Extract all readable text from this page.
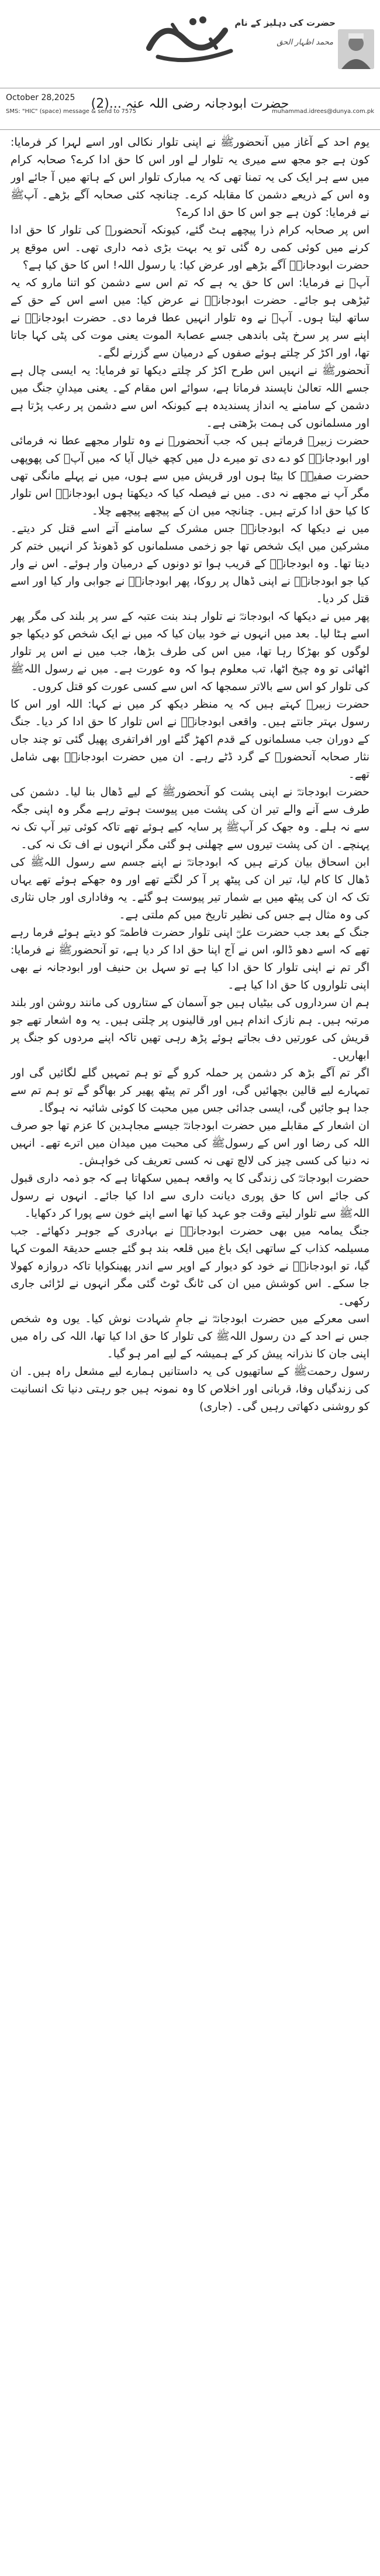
حضرت کی دہلیز کے نام
محمد اظہار الحق
October 28,2025	حضرت ابودجانہ رضی اللہ عنہ ...(2)
SMS: "HIC" (space) message & send to 7575	muhammad.idrees@dunya.com.pk

یوم احد کے آغاز میں آنحضورﷺ نے اپنی تلوار نکالی اور اسے لہرا کر فرمایا: کون ہے جو مجھ سے میری یہ تلوار لے اور اس کا حق ادا کرے؟ صحابہ کرام میں سے ہر ایک کی یہ تمنا تھی کہ یہ مبارک تلوار اس کے ہاتھ میں آ جائے اور وہ اس کے ذریعے دشمن کا مقابلہ کرے۔ چنانچہ کئی صحابہ آگے بڑھے۔ آپﷺ نے فرمایا: کون ہے جو اس کا حق ادا کرے؟

اس پر صحابہ کرام ذرا پیچھے ہٹ گئے، کیونکہ آنحضورﷺ کی تلوار کا حق ادا کرنے میں کوئی کمی رہ گئی تو یہ بہت بڑی ذمہ داری تھی۔ اس موقع پر حضرت ابودجانہؓ آگے بڑھے اور عرض کیا: یا رسول اللہ! اس کا حق کیا ہے؟

آپﷺ نے فرمایا: اس کا حق یہ ہے کہ تم اس سے دشمن کو اتنا مارو کہ یہ ٹیڑھی ہو جائے۔ حضرت ابودجانہؓ نے عرض کیا: میں اسے اس کے حق کے ساتھ لیتا ہوں۔ آپﷺ نے وہ تلوار انہیں عطا فرما دی۔ حضرت ابودجانہؓ نے اپنے سر پر سرخ پٹی باندھی جسے عصابۃ الموت یعنی موت کی پٹی کہا جاتا تھا، اور اکڑ کر چلتے ہوئے صفوں کے درمیان سے گزرنے لگے۔

آنحضورﷺ نے انہیں اس طرح اکڑ کر چلتے دیکھا تو فرمایا: یہ ایسی چال ہے جسے اللہ تعالیٰ ناپسند فرماتا ہے، سوائے اس مقام کے۔ یعنی میدانِ جنگ میں دشمن کے سامنے یہ انداز پسندیدہ ہے کیونکہ اس سے دشمن پر رعب پڑتا ہے اور مسلمانوں کی ہمت بڑھتی ہے۔

حضرت زبیرؓ فرماتے ہیں کہ جب آنحضورﷺ نے وہ تلوار مجھے عطا نہ فرمائی اور ابودجانہؓ کو دے دی تو میرے دل میں کچھ خیال آیا کہ میں آپﷺ کی پھوپھی حضرت صفیہؓ کا بیٹا ہوں اور قریش میں سے ہوں، میں نے پہلے مانگی تھی مگر آپ نے مجھے نہ دی۔ میں نے فیصلہ کیا کہ دیکھتا ہوں ابودجانہؓ اس تلوار کا کیا حق ادا کرتے ہیں۔ چنانچہ میں ان کے پیچھے پیچھے چلا۔

میں نے دیکھا کہ ابودجانہؓ جس مشرک کے سامنے آتے اسے قتل کر دیتے۔ مشرکین میں ایک شخص تھا جو زخمی مسلمانوں کو ڈھونڈ کر انہیں ختم کر دیتا تھا۔ وہ ابودجانہؓ کے قریب ہوا تو دونوں کے درمیان وار ہوئے۔ اس نے وار کیا جو ابودجانہؓ نے اپنی ڈھال پر روکا، پھر ابودجانہؓ نے جوابی وار کیا اور اسے قتل کر دیا۔

پھر میں نے دیکھا کہ ابودجانہؓ نے تلوار ہند بنت عتبہ کے سر پر بلند کی مگر پھر اسے ہٹا لیا۔ بعد میں انہوں نے خود بیان کیا کہ میں نے ایک شخص کو دیکھا جو لوگوں کو بھڑکا رہا تھا، میں اس کی طرف بڑھا، جب میں نے اس پر تلوار اٹھائی تو وہ چیخ اٹھا، تب معلوم ہوا کہ وہ عورت ہے۔ میں نے رسول اللہﷺ کی تلوار کو اس سے بالاتر سمجھا کہ اس سے کسی عورت کو قتل کروں۔

حضرت زبیرؓ کہتے ہیں کہ یہ منظر دیکھ کر میں نے کہا: اللہ اور اس کا رسول بہتر جانتے ہیں۔ واقعی ابودجانہؓ نے اس تلوار کا حق ادا کر دیا۔ جنگ کے دوران جب مسلمانوں کے قدم اکھڑ گئے اور افراتفری پھیل گئی تو چند جاں نثار صحابہ آنحضورﷺ کے گرد ڈٹے رہے۔ ان میں حضرت ابودجانہؓ بھی شامل تھے۔

حضرت ابودجانہؓ نے اپنی پشت کو آنحضورﷺ کے لیے ڈھال بنا لیا۔ دشمن کی طرف سے آنے والے تیر ان کی پشت میں پیوست ہوتے رہے مگر وہ اپنی جگہ سے نہ ہلے۔ وہ جھک کر آپﷺ پر سایہ کیے ہوئے تھے تاکہ کوئی تیر آپ تک نہ پہنچے۔ ان کی پشت تیروں سے چھلنی ہو گئی مگر انہوں نے اف تک نہ کی۔

ابن اسحاق بیان کرتے ہیں کہ ابودجانہؓ نے اپنے جسم سے رسول اللہﷺ کی ڈھال کا کام لیا، تیر ان کی پیٹھ پر آ کر لگتے تھے اور وہ جھکے ہوئے تھے یہاں تک کہ ان کی پیٹھ میں بے شمار تیر پیوست ہو گئے۔ یہ وفاداری اور جاں نثاری کی وہ مثال ہے جس کی نظیر تاریخ میں کم ملتی ہے۔

جنگ کے بعد جب حضرت علیؓ اپنی تلوار حضرت فاطمہؓ کو دیتے ہوئے فرما رہے تھے کہ اسے دھو ڈالو، اس نے آج اپنا حق ادا کر دیا ہے، تو آنحضورﷺ نے فرمایا: اگر تم نے اپنی تلوار کا حق ادا کیا ہے تو سہل بن حنیف اور ابودجانہ نے بھی اپنی تلواروں کا حق ادا کیا ہے۔

ہم ان سرداروں کی بیٹیاں ہیں جو آسمان کے ستاروں کی مانند روشن اور بلند مرتبہ ہیں۔ ہم نازک اندام ہیں اور قالینوں پر چلتی ہیں۔ یہ وہ اشعار تھے جو قریش کی عورتیں دف بجاتے ہوئے پڑھ رہی تھیں تاکہ اپنے مردوں کو جنگ پر ابھاریں۔

اگر تم آگے بڑھ کر دشمن پر حملہ کرو گے تو ہم تمہیں گلے لگائیں گی اور تمہارے لیے قالین بچھائیں گی، اور اگر تم پیٹھ پھیر کر بھاگو گے تو ہم تم سے جدا ہو جائیں گی، ایسی جدائی جس میں محبت کا کوئی شائبہ نہ ہوگا۔

ان اشعار کے مقابلے میں حضرت ابودجانہؓ جیسے مجاہدین کا عزم تھا جو صرف اللہ کی رضا اور اس کے رسولﷺ کی محبت میں میدان میں اترے تھے۔ انہیں نہ دنیا کی کسی چیز کی لالچ تھی نہ کسی تعریف کی خواہش۔

حضرت ابودجانہؓ کی زندگی کا یہ واقعہ ہمیں سکھاتا ہے کہ جو ذمہ داری قبول کی جائے اس کا حق پوری دیانت داری سے ادا کیا جائے۔ انہوں نے رسول اللہﷺ سے تلوار لیتے وقت جو عہد کیا تھا اسے اپنے خون سے پورا کر دکھایا۔

جنگ یمامہ میں بھی حضرت ابودجانہؓ نے بہادری کے جوہر دکھائے۔ جب مسیلمہ کذاب کے ساتھی ایک باغ میں قلعہ بند ہو گئے جسے حدیقۃ الموت کہا گیا، تو ابودجانہؓ نے خود کو دیوار کے اوپر سے اندر پھینکوایا تاکہ دروازہ کھولا جا سکے۔ اس کوشش میں ان کی ٹانگ ٹوٹ گئی مگر انہوں نے لڑائی جاری رکھی۔

اسی معرکے میں حضرت ابودجانہؓ نے جامِ شہادت نوش کیا۔ یوں وہ شخص جس نے احد کے دن رسول اللہﷺ کی تلوار کا حق ادا کیا تھا، اللہ کی راہ میں اپنی جان کا نذرانہ پیش کر کے ہمیشہ کے لیے امر ہو گیا۔

رسول رحمتﷺ کے ساتھیوں کی یہ داستانیں ہمارے لیے مشعل راہ ہیں۔ ان کی زندگیاں وفا، قربانی اور اخلاص کا وہ نمونہ ہیں جو رہتی دنیا تک انسانیت کو روشنی دکھاتی رہیں گی۔ (جاری)
